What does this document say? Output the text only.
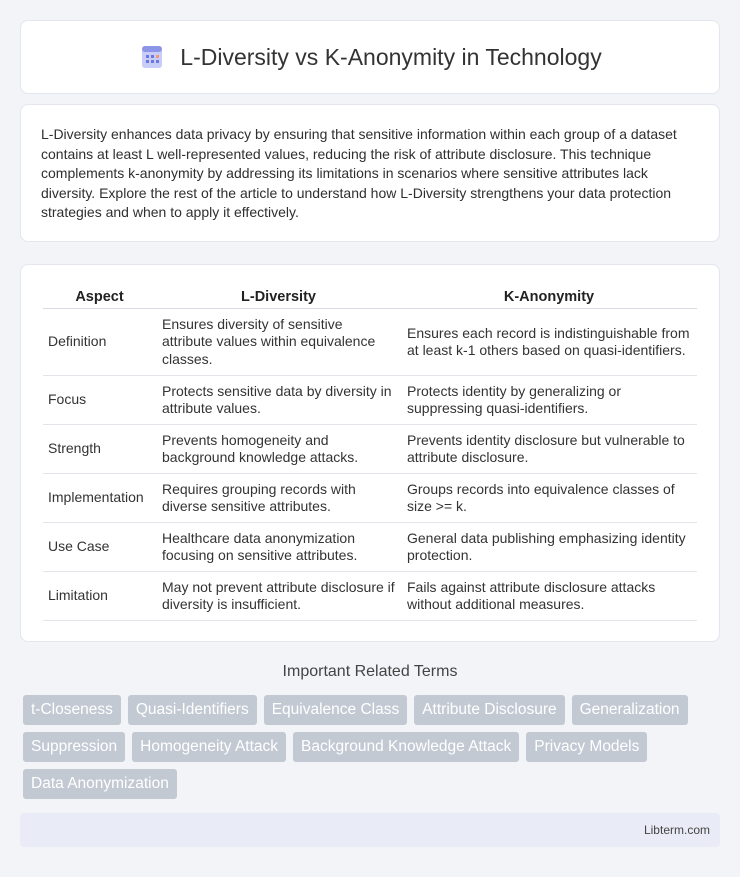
L-Diversity vs K-Anonymity in Technology

L-Diversity enhances data privacy by ensuring that sensitive information within each group of a dataset contains at least L well-represented values, reducing the risk of attribute disclosure. This technique complements k-anonymity by addressing its limitations in scenarios where sensitive attributes lack diversity. Explore the rest of the article to understand how L-Diversity strengthens your data protection strategies and when to apply it effectively.

Aspect	L-Diversity	K-Anonymity
Definition	Ensures diversity of sensitive attribute values within equivalence classes.	Ensures each record is indistinguishable from at least k-1 others based on quasi-identifiers.
Focus	Protects sensitive data by diversity in attribute values.	Protects identity by generalizing or suppressing quasi-identifiers.
Strength	Prevents homogeneity and background knowledge attacks.	Prevents identity disclosure but vulnerable to attribute disclosure.
Implementation	Requires grouping records with diverse sensitive attributes.	Groups records into equivalence classes of size >= k.
Use Case	Healthcare data anonymization focusing on sensitive attributes.	General data publishing emphasizing identity protection.
Limitation	May not prevent attribute disclosure if diversity is insufficient.	Fails against attribute disclosure attacks without additional measures.
Important Related Terms
t-Closeness	Quasi-Identifiers	Equivalence Class	Attribute Disclosure	Generalization
Suppression	Homogeneity Attack	Background Knowledge Attack	Privacy Models
Data Anonymization
Libterm.com
